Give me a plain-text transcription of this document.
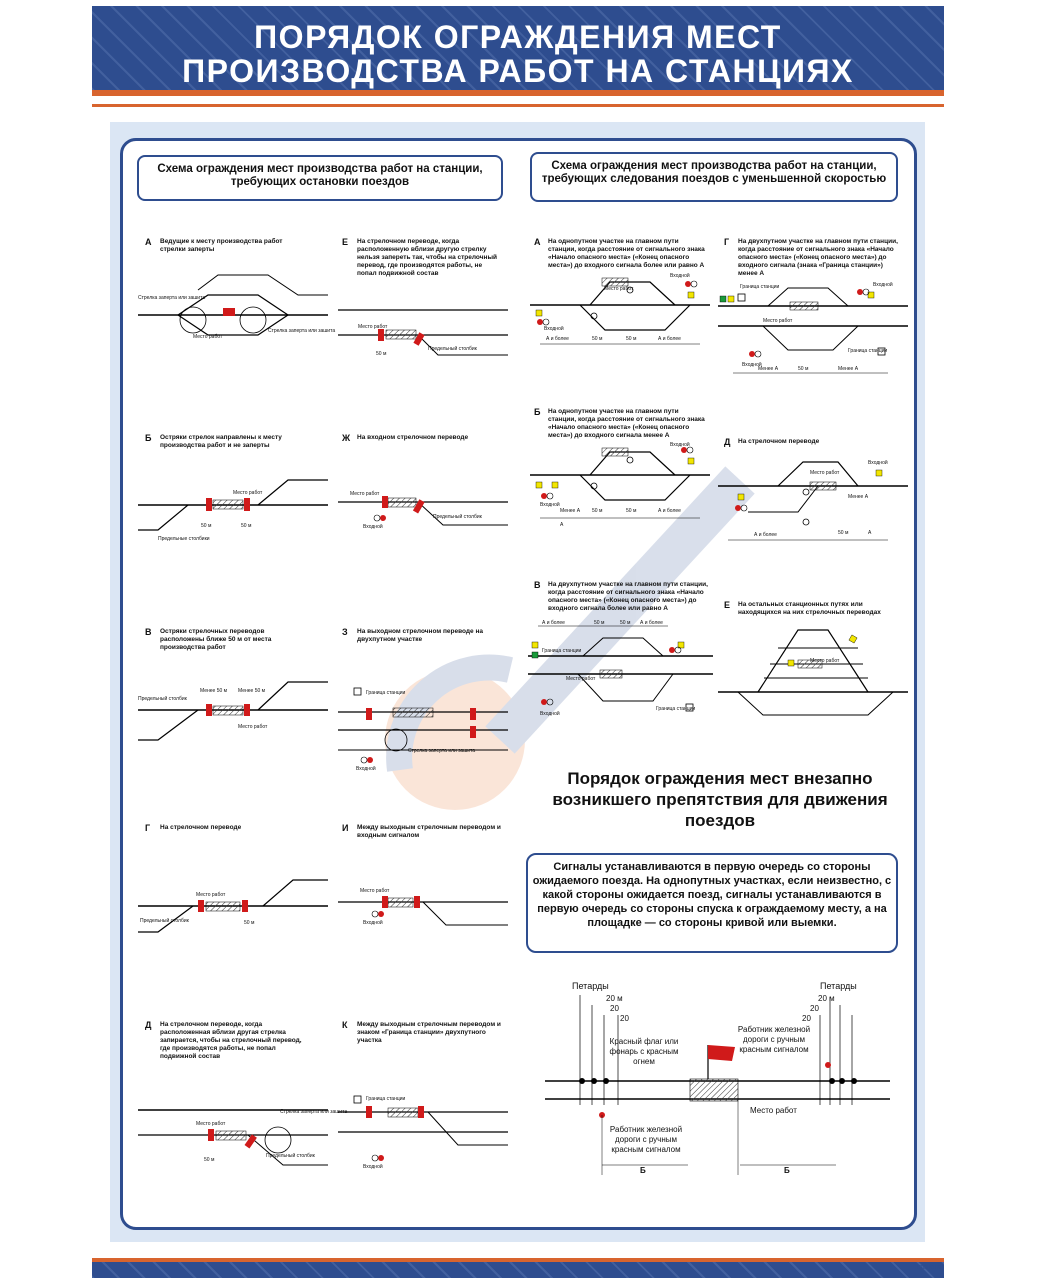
ПОРЯДОК ОГРАЖДЕНИЯ МЕСТ
ПРОИЗВОДСТВА РАБОТ НА СТАНЦИЯХ
Схема ограждения мест производства работ на станции, требующих остановки поездов
Схема ограждения мест производства работ на станции, требующих следования поездов с уменьшенной скоростью
А Ведущие к месту производства работ стрелки заперты
Стрелка заперта или зашита
Место работ
Стрелка заперта или зашита
Е На стрелочном переводе, когда расположенную вблизи другую стрелку нельзя запереть так, чтобы на стрелочный перевод, где производятся работы, не попал подвижной состав
Место работ
50 м
Предельный столбик
Б Остряки стрелок направлены к месту производства работ и не заперты
Место работ
50 м	50 м
Предельные столбики
Ж На входном стрелочном переводе
Место работ
Предельный столбик
Входной
В Остряки стрелочных переводов расположены ближе 50 м от места производства работ
Предельный столбик
Менее 50 м Менее 50 м
Место работ
З На выходном стрелочном переводе на двухпутном участке
Граница станции
Стрелка заперта или зашита
Входной
Г На стрелочном переводе
Место работ
Предельный столбик	50 м
И Между выходным стрелочным переводом и входным сигналом
Место работ
Входной
Д На стрелочном переводе, когда расположенная вблизи другая стрелка запирается, чтобы на стрелочный перевод, где производятся работы, не попал подвижной состав
Место работ
Стрелка заперта или зашита
50 м
Предельный столбик
К Между выходным стрелочным переводом и знаком «Граница станции» двухпутного участка
Граница станции
Входной
А На однопутном участке на главном пути станции, когда расстояние от сигнального знака «Начало опасного места» («Конец опасного места») до входного сигнала более или равно А
Входной
Место работ
Входной
50 м	50 м
А и более	А и более
Г На двухпутном участке на главном пути станции, когда расстояние от сигнального знака «Начало опасного места» («Конец опасного места») до входного сигнала (знака «Граница станции») менее А
Граница станции	Входной
Место работ
Входной
Граница станции
Менее А	50 м	Менее А
Б На однопутном участке на главном пути станции, когда расстояние от сигнального знака «Начало опасного места» («Конец опасного места») до входного сигнала менее А
Входной
Входной
Менее А 50 м	50 м	А и более
А
Д На стрелочном переводе
Место работ
Входной
Менее А
А и более	50 м	А
В На двухпутном участке на главном пути станции, когда расстояние от сигнального знака «Начало опасного места» («Конец опасного места») до входного сигнала более или равно А
А и более	50 м	50 м А и более
Граница станции
Место работ
Входной
Граница станции
Е На остальных станционных путях или находящихся на них стрелочных переводах
Место работ
Порядок ограждения мест внезапно возникшего препятствия для движения поездов
Сигналы устанавливаются в первую очередь со стороны ожидаемого поезда. На однопутных участках, если неизвестно, с какой стороны ожидается поезд, сигналы устанавливаются в первую очередь со стороны спуска к ограждаемому месту, а на площадке — со стороны кривой или выемки.
Петарды	Петарды
20 м
20
20
20 м
20
20
Красный флаг или фонарь с красным огнем
Работник железной дороги с ручным красным сигналом
Работник железной дороги с ручным красным сигналом
Место работ
Б	Б
планета
